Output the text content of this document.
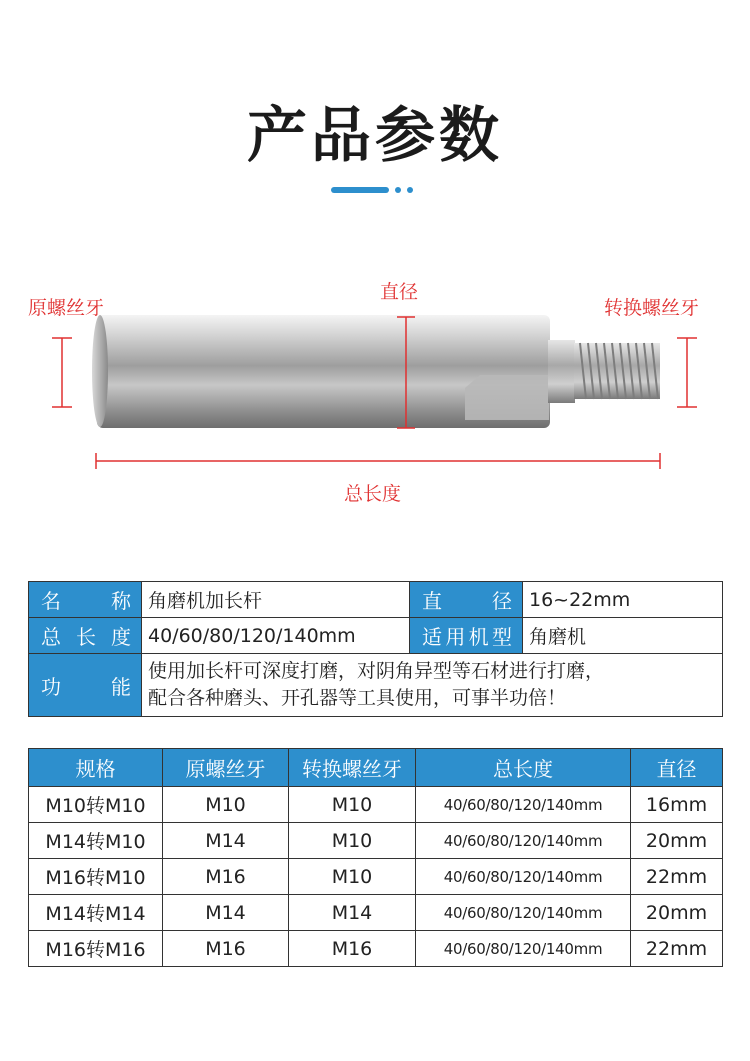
产品参数
原螺丝牙
直径
转换螺丝牙
总长度
名称	角磨机加长杆	直径	16~22mm
总长度	40/60/80/120/140mm	适用机型	角磨机
功能	使用加长杆可深度打磨，对阴角异型等石材进行打磨，
配合各种磨头、开孔器等工具使用，可事半功倍！		
规格	原螺丝牙	转换螺丝牙	总长度	直径
M10转M10	M10	M10	40/60/80/120/140mm	16mm
M14转M10	M14	M10	40/60/80/120/140mm	20mm
M16转M10	M16	M10	40/60/80/120/140mm	22mm
M14转M14	M14	M14	40/60/80/120/140mm	20mm
M16转M16	M16	M16	40/60/80/120/140mm	22mm
